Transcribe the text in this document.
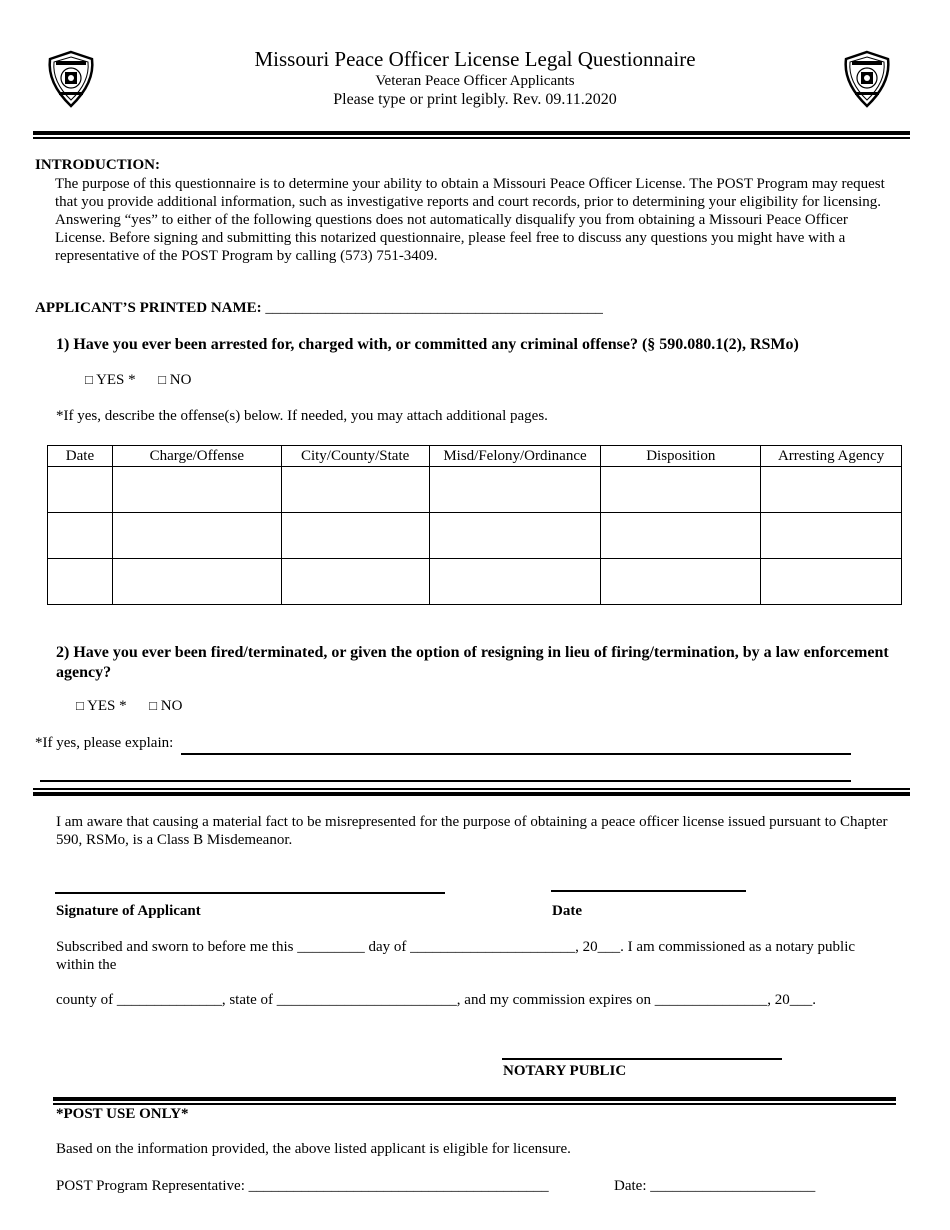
Missouri Peace Officer License Legal Questionnaire
Veteran Peace Officer Applicants
Please type or print legibly. Rev. 09.11.2020
INTRODUCTION:
The purpose of this questionnaire is to determine your ability to obtain a Missouri Peace Officer License. The POST Program may request that you provide additional information, such as investigative reports and court records, prior to determining your eligibility for licensing. Answering “yes” to either of the following questions does not automatically disqualify you from obtaining a Missouri Peace Officer License. Before signing and submitting this notarized questionnaire, please feel free to discuss any questions you might have with a representative of the POST Program by calling (573) 751-3409.
APPLICANT’S PRINTED NAME: _____________________________________________
1) Have you ever been arrested for, charged with, or committed any criminal offense? (§ 590.080.1(2), RSMo)
□ YES * □ NO
*If yes, describe the offense(s) below. If needed, you may attach additional pages.
Date	Charge/Offense	City/County/State	Misd/Felony/Ordinance	Disposition	Arresting Agency

2) Have you ever been fired/terminated, or given the option of resigning in lieu of firing/termination, by a law enforcement agency?
□ YES * □ NO
*If yes, please explain:
I am aware that causing a material fact to be misrepresented for the purpose of obtaining a peace officer license issued pursuant to Chapter 590, RSMo, is a Class B Misdemeanor.
Signature of Applicant	Date
Subscribed and sworn to before me this _________ day of ______________________, 20___. I am commissioned as a notary public within the
county of ______________, state of ________________________, and my commission expires on _______________, 20___.
NOTARY PUBLIC
*POST USE ONLY*
Based on the information provided, the above listed applicant is eligible for licensure.
POST Program Representative: ________________________________________	Date: ______________________
